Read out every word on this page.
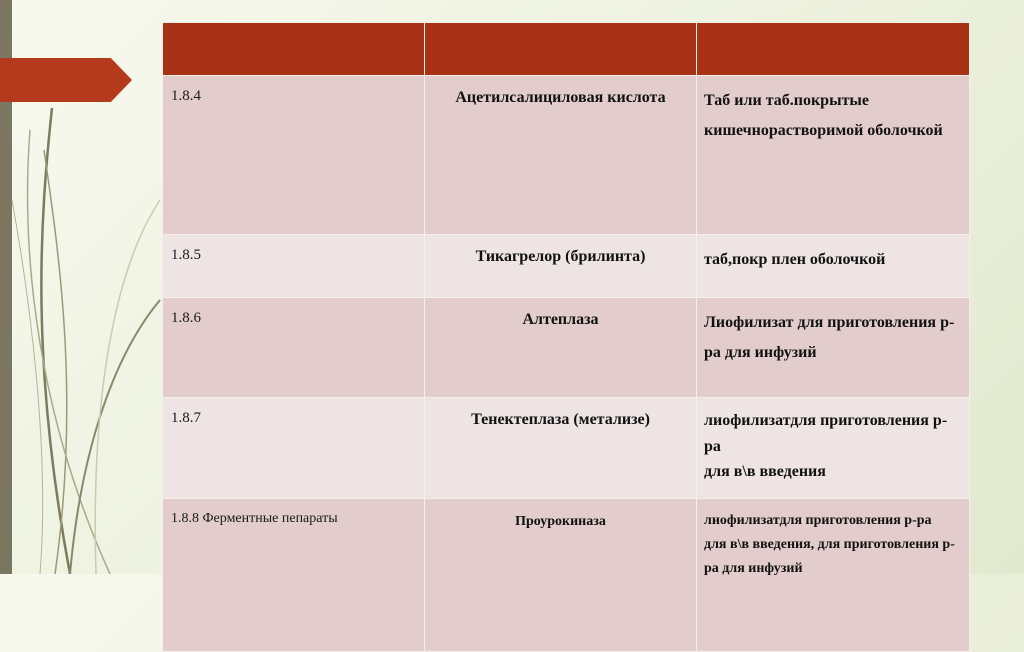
1.8.4	Ацетилсалициловая кислота	Таб или таб.покрытые кишечнорастворимой оболочкой
1.8.5	Тикагрелор (брилинта)	таб,покр плен оболочкой
1.8.6	Алтеплаза	Лиофилизат для приготовления р-ра для инфузий
1.8.7	Тенектеплаза (метализе)	лиофилизатдля приготовления р-ра
для в\в введения
1.8.8 Ферментные пепараты	Проурокиназа	лиофилизатдля приготовления р-ра
для в\в введения, для приготовления р-ра для инфузий
